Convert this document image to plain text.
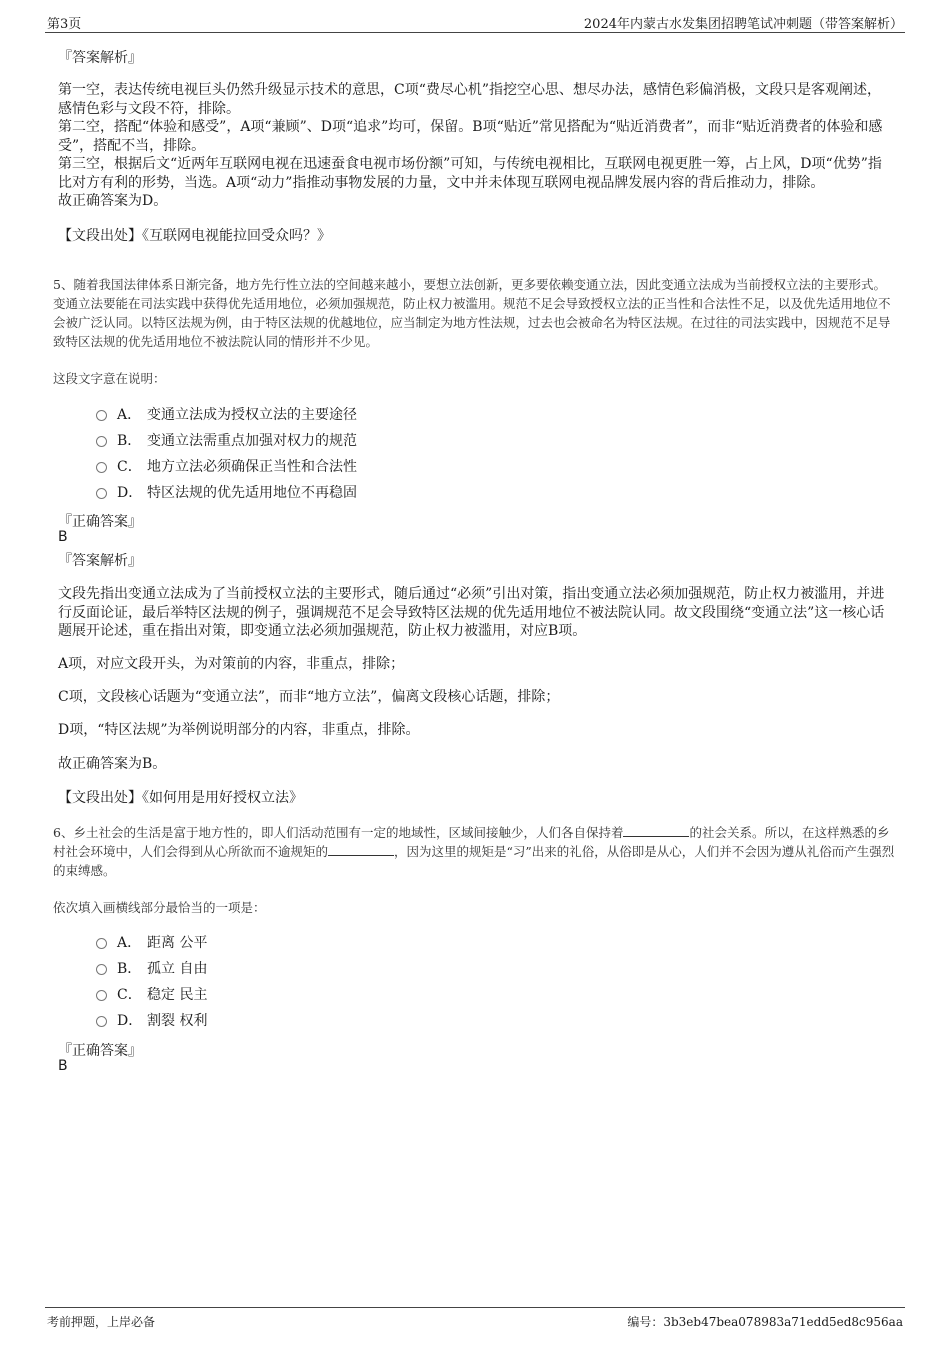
第3页	2024年内蒙古水发集团招聘笔试冲刺题（带答案解析）
『答案解析』
第一空，表达传统电视巨头仍然升级显示技术的意思，C项“费尽心机”指挖空心思、想尽办法，感情色彩偏消极，文段只是客观阐述，感情色彩与文段不符，排除。
第二空，搭配“体验和感受”，A项“兼顾”、D项“追求”均可，保留。B项“贴近”常见搭配为“贴近消费者”，而非“贴近消费者的体验和感受”，搭配不当，排除。
第三空，根据后文“近两年互联网电视在迅速蚕食电视市场份额”可知，与传统电视相比，互联网电视更胜一筹，占上风，D项“优势”指比对方有利的形势，当选。A项“动力”指推动事物发展的力量，文中并未体现互联网电视品牌发展内容的背后推动力，排除。
故正确答案为D。
【文段出处】《互联网电视能拉回受众吗？》
5、随着我国法律体系日渐完备，地方先行性立法的空间越来越小，要想立法创新，更多要依赖变通立法，因此变通立法成为当前授权立法的主要形式。变通立法要能在司法实践中获得优先适用地位，必须加强规范，防止权力被滥用。规范不足会导致授权立法的正当性和合法性不足，以及优先适用地位不会被广泛认同。以特区法规为例，由于特区法规的优越地位，应当制定为地方性法规，过去也会被命名为特区法规。在过往的司法实践中，因规范不足导致特区法规的优先适用地位不被法院认同的情形并不少见。
这段文字意在说明：
A． 变通立法成为授权立法的主要途径
B． 变通立法需重点加强对权力的规范
C． 地方立法必须确保正当性和合法性
D． 特区法规的优先适用地位不再稳固
『正确答案』
B
『答案解析』
文段先指出变通立法成为了当前授权立法的主要形式，随后通过“必须”引出对策，指出变通立法必须加强规范，防止权力被滥用，并进行反面论证，最后举特区法规的例子，强调规范不足会导致特区法规的优先适用地位不被法院认同。故文段围绕“变通立法”这一核心话题展开论述，重在指出对策，即变通立法必须加强规范，防止权力被滥用，对应B项。
A项，对应文段开头，为对策前的内容，非重点，排除；
C项，文段核心话题为“变通立法”，而非“地方立法”，偏离文段核心话题，排除；
D项，“特区法规”为举例说明部分的内容，非重点，排除。
故正确答案为B。
【文段出处】《如何用是用好授权立法》
6、乡土社会的生活是富于地方性的，即人们活动范围有一定的地域性，区域间接触少，人们各自保持着	的社会关系。所以，在这样熟悉的乡村社会环境中，人们会得到从心所欲而不逾规矩的	，因为这里的规矩是“习”出来的礼俗，从俗即是从心，人们并不会因为遵从礼俗而产生强烈的束缚感。
依次填入画横线部分最恰当的一项是：
A． 距离 公平
B． 孤立 自由
C． 稳定 民主
D． 割裂 权利
『正确答案』
B
考前押题，上岸必备	编号：3b3eb47bea078983a71edd5ed8c956aa
